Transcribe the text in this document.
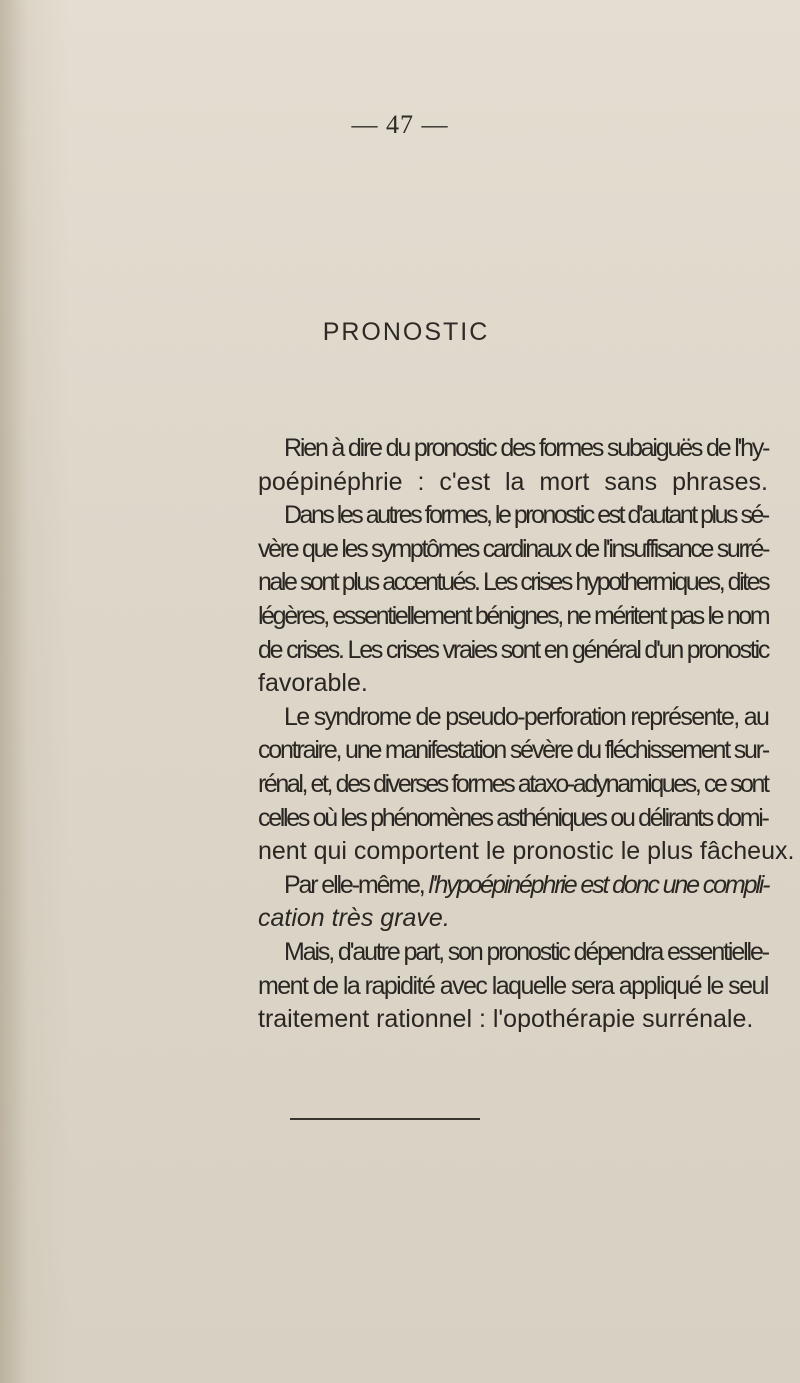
— 47 —
PRONOSTIC
Rien à dire du pronostic des formes subaiguës de l'hy-
poépinéphrie : c'est la mort sans phrases.
Dans les autres formes, le pronostic est d'autant plus sé-
vère que les symptômes cardinaux de l'insuffisance surré-
nale sont plus accentués. Les crises hypothermiques, dites
légères, essentiellement bénignes, ne méritent pas le nom
de crises. Les crises vraies sont en général d'un pronostic
favorable.
Le syndrome de pseudo-perforation représente, au
contraire, une manifestation sévère du fléchissement sur-
rénal, et, des diverses formes ataxo-adynamiques, ce sont
celles où les phénomènes asthéniques ou délirants domi-
nent qui comportent le pronostic le plus fâcheux.
Par elle-même, l'hypoépinéphrie est donc une compli-
cation très grave.
Mais, d'autre part, son pronostic dépendra essentielle-
ment de la rapidité avec laquelle sera appliqué le seul
traitement rationnel : l'opothérapie surrénale.
